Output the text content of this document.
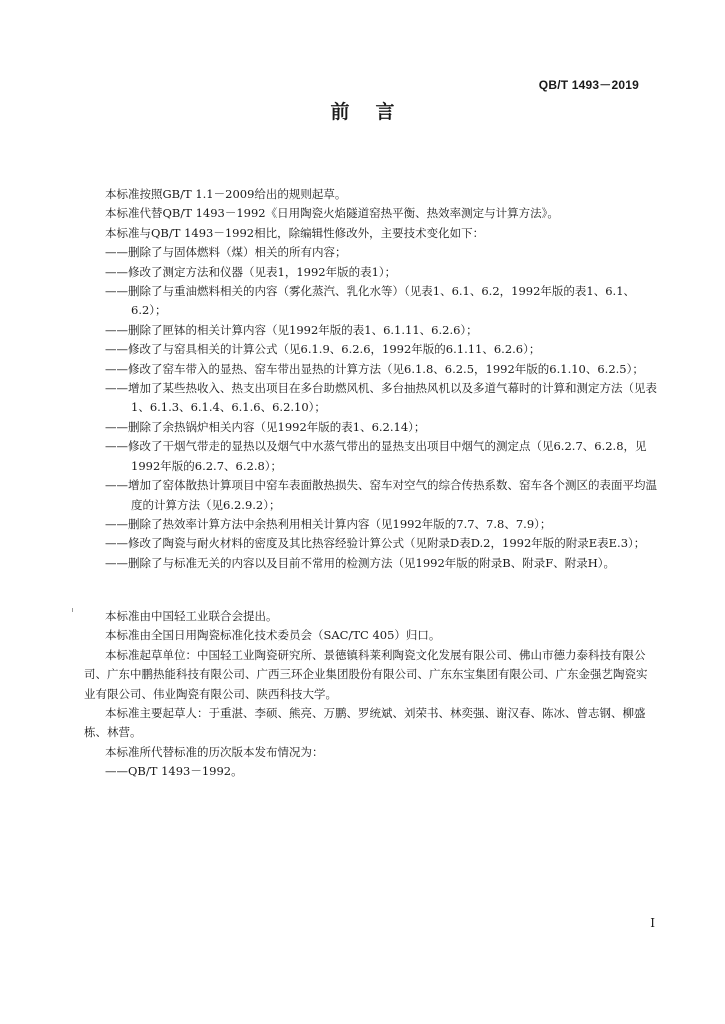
QB/T 1493－2019
前言

本标准按照GB/T 1.1－2009给出的规则起草。

本标准代替QB/T 1493－1992《日用陶瓷火焰隧道窑热平衡、热效率测定与计算方法》。

本标准与QB/T 1493－1992相比，除编辑性修改外，主要技术变化如下：

——删除了与固体燃料（煤）相关的所有内容；

——修改了测定方法和仪器（见表1，1992年版的表1）；

——删除了与重油燃料相关的内容（雾化蒸汽、乳化水等）（见表1、6.1、6.2，1992年版的表1、6.1、6.2）；

——删除了匣钵的相关计算内容（见1992年版的表1、6.1.11、6.2.6）；

——修改了与窑具相关的计算公式（见6.1.9、6.2.6，1992年版的6.1.11、6.2.6）；

——修改了窑车带入的显热、窑车带出显热的计算方法（见6.1.8、6.2.5，1992年版的6.1.10、6.2.5）；

——增加了某些热收入、热支出项目在多台助燃风机、多台抽热风机以及多道气幕时的计算和测定方法（见表1、6.1.3、6.1.4、6.1.6、6.2.10）；

——删除了余热锅炉相关内容（见1992年版的表1、6.2.14）；

——修改了干烟气带走的显热以及烟气中水蒸气带出的显热支出项目中烟气的测定点（见6.2.7、6.2.8，见1992年版的6.2.7、6.2.8）；

——增加了窑体散热计算项目中窑车表面散热损失、窑车对空气的综合传热系数、窑车各个测区的表面平均温度的计算方法（见6.2.9.2）；

——删除了热效率计算方法中余热利用相关计算内容（见1992年版的7.7、7.8、7.9）；

——修改了陶瓷与耐火材料的密度及其比热容经验计算公式（见附录D表D.2，1992年版的附录E表E.3）；

——删除了与标准无关的内容以及目前不常用的检测方法（见1992年版的附录B、附录F、附录H）。

本标准由中国轻工业联合会提出。

本标准由全国日用陶瓷标准化技术委员会（SAC/TC 405）归口。

本标准起草单位：中国轻工业陶瓷研究所、景德镇科莱利陶瓷文化发展有限公司、佛山市德力泰科技有限公司、广东中鹏热能科技有限公司、广西三环企业集团股份有限公司、广东东宝集团有限公司、广东金强艺陶瓷实业有限公司、伟业陶瓷有限公司、陕西科技大学。

本标准主要起草人：于重湛、李硕、熊亮、万鹏、罗统斌、刘荣书、林奕强、谢汉春、陈冰、曾志钢、柳盛栋、林营。

本标准所代替标准的历次版本发布情况为：

——QB/T 1493－1992。

I
